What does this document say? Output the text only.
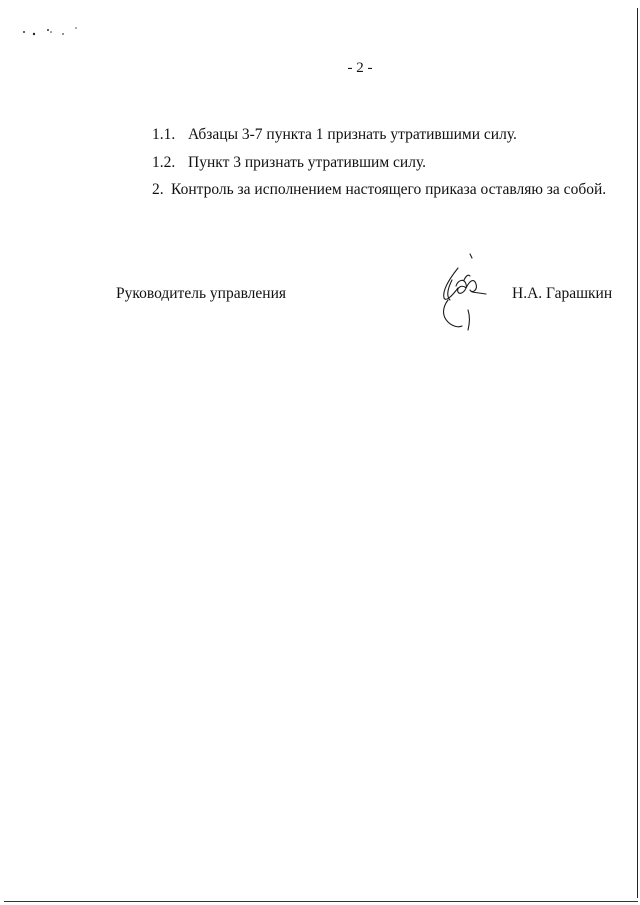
- 2 -
1.1. Абзацы 3-7 пункта 1 признать утратившими силу.
1.2. Пункт 3 признать утратившим силу.
2. Контроль за исполнением настоящего приказа оставляю за собой.
Руководитель управления	Н.А. Гарашкин
